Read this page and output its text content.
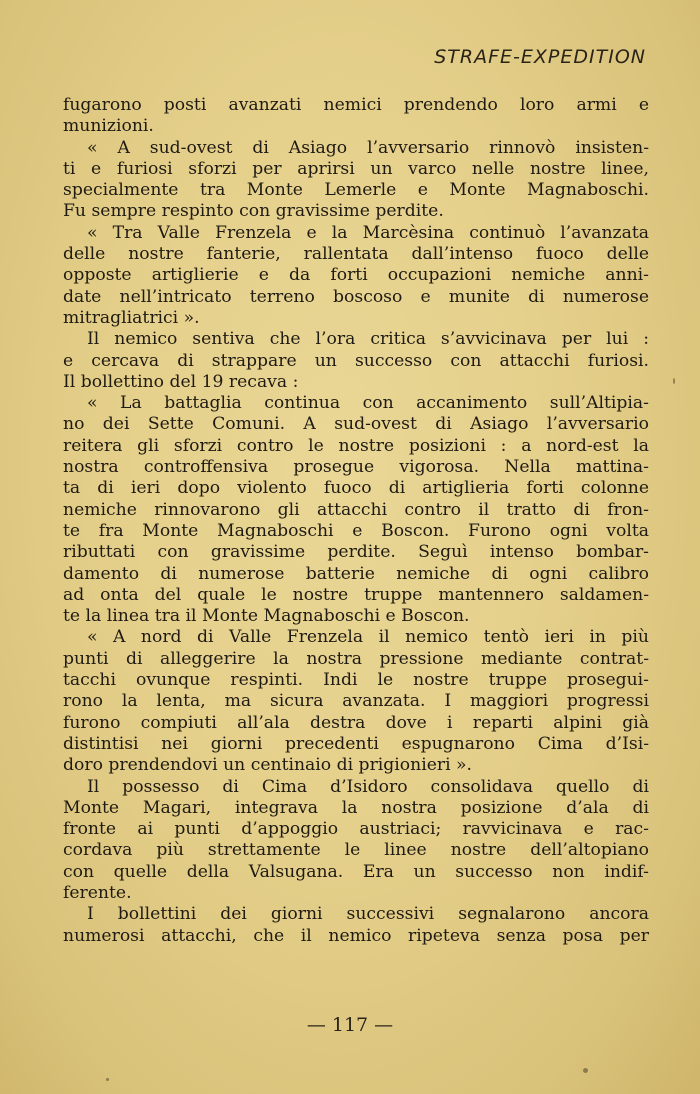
STRAFE-EXPEDITION
fugarono posti avanzati nemici prendendo loro armi e
munizioni.
« A sud-ovest di Asiago l’avversario rinnovò insisten-
ti e furiosi sforzi per aprirsi un varco nelle nostre linee,
specialmente tra Monte Lemerle e Monte Magnaboschi.
Fu sempre respinto con gravissime perdite.
« Tra Valle Frenzela e la Marcèsina continuò l’avanzata
delle nostre fanterie, rallentata dall’intenso fuoco delle
opposte artiglierie e da forti occupazioni nemiche anni-
date nell’intricato terreno boscoso e munite di numerose
mitragliatrici ».
Il nemico sentiva che l’ora critica s’avvicinava per lui :
e cercava di strappare un successo con attacchi furiosi.
Il bollettino del 19 recava :
« La battaglia continua con accanimento sull’Altipia-
no dei Sette Comuni. A sud-ovest di Asiago l’avversario
reitera gli sforzi contro le nostre posizioni : a nord-est la
nostra controffensiva prosegue vigorosa. Nella mattina-
ta di ieri dopo violento fuoco di artiglieria forti colonne
nemiche rinnovarono gli attacchi contro il tratto di fron-
te fra Monte Magnaboschi e Boscon. Furono ogni volta
ributtati con gravissime perdite. Seguì intenso bombar-
damento di numerose batterie nemiche di ogni calibro
ad onta del quale le nostre truppe mantennero saldamen-
te la linea tra il Monte Magnaboschi e Boscon.
« A nord di Valle Frenzela il nemico tentò ieri in più
punti di alleggerire la nostra pressione mediante contrat-
tacchi ovunque respinti. Indi le nostre truppe prosegui-
rono la lenta, ma sicura avanzata. I maggiori progressi
furono compiuti all’ala destra dove i reparti alpini già
distintisi nei giorni precedenti espugnarono Cima d’Isi-
doro prendendovi un centinaio di prigionieri ».
Il possesso di Cima d’Isidoro consolidava quello di
Monte Magari, integrava la nostra posizione d’ala di
fronte ai punti d’appoggio austriaci; ravvicinava e rac-
cordava più strettamente le linee nostre dell’altopiano
con quelle della Valsugana. Era un successo non indif-
ferente.
I bollettini dei giorni successivi segnalarono ancora
numerosi attacchi, che il nemico ripeteva senza posa per
— 117 —
